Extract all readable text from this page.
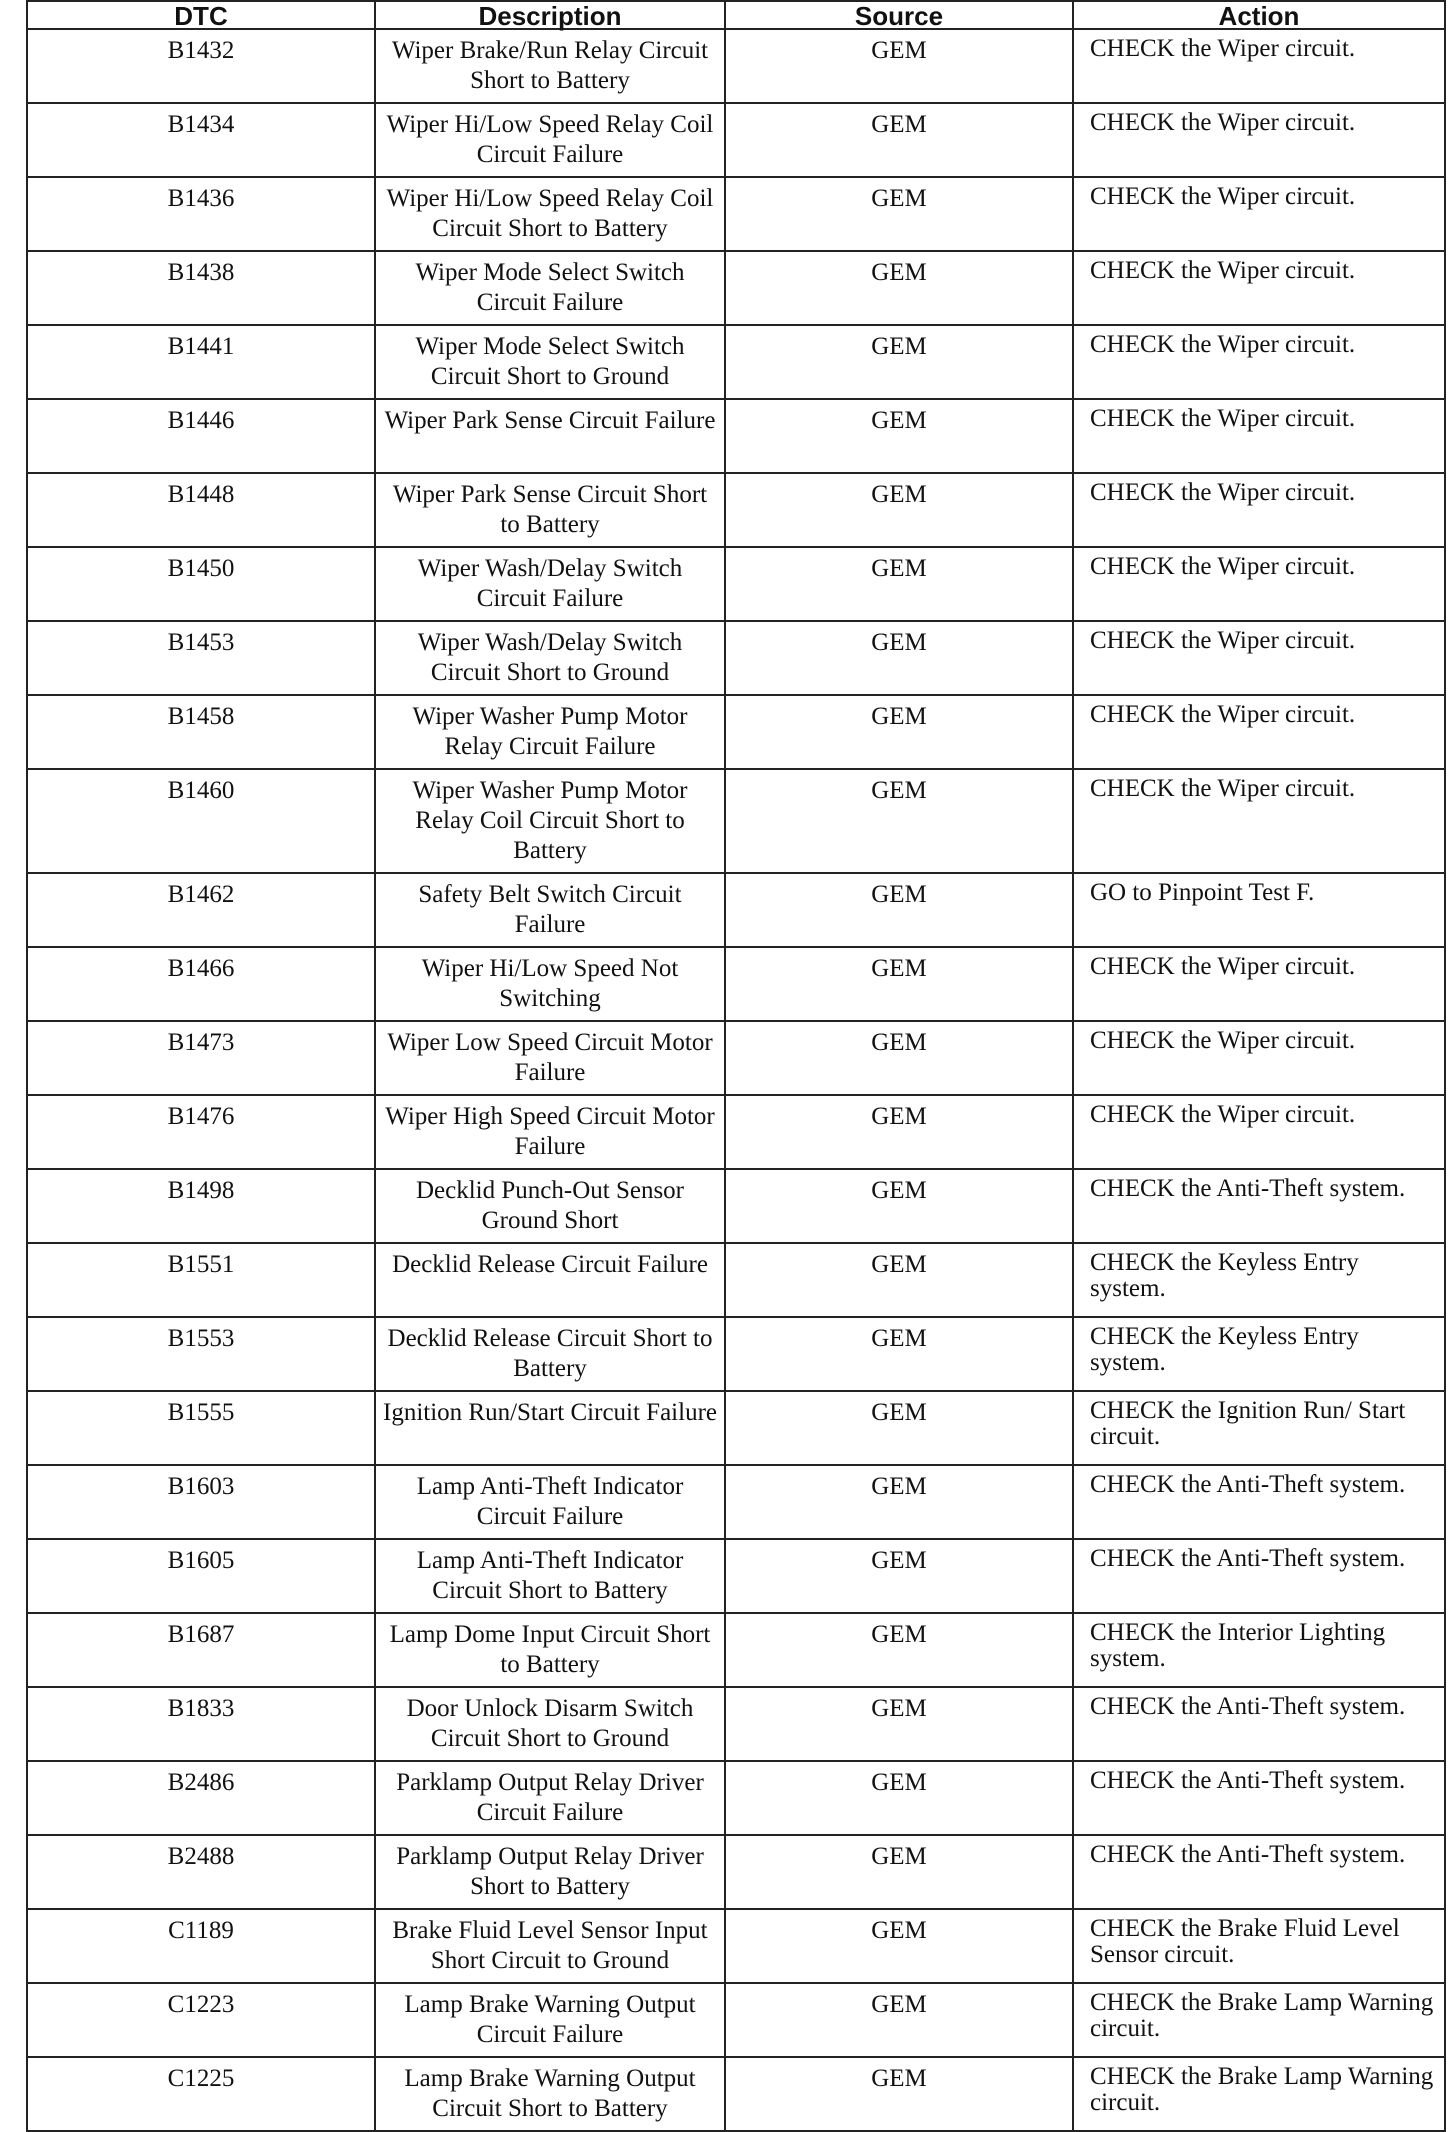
DTC	Description	Source	Action
B1432	Wiper Brake/Run Relay Circuit Short to Battery	GEM	CHECK the Wiper circuit.
B1434	Wiper Hi/Low Speed Relay Coil Circuit Failure	GEM	CHECK the Wiper circuit.
B1436	Wiper Hi/Low Speed Relay Coil Circuit Short to Battery	GEM	CHECK the Wiper circuit.
B1438	Wiper Mode Select Switch Circuit Failure	GEM	CHECK the Wiper circuit.
B1441	Wiper Mode Select Switch Circuit Short to Ground	GEM	CHECK the Wiper circuit.
B1446	Wiper Park Sense Circuit Failure	GEM	CHECK the Wiper circuit.
B1448	Wiper Park Sense Circuit Short to Battery	GEM	CHECK the Wiper circuit.
B1450	Wiper Wash/Delay Switch Circuit Failure	GEM	CHECK the Wiper circuit.
B1453	Wiper Wash/Delay Switch Circuit Short to Ground	GEM	CHECK the Wiper circuit.
B1458	Wiper Washer Pump Motor Relay Circuit Failure	GEM	CHECK the Wiper circuit.
B1460	Wiper Washer Pump Motor Relay Coil Circuit Short to Battery	GEM	CHECK the Wiper circuit.
B1462	Safety Belt Switch Circuit Failure	GEM	GO to Pinpoint Test F.
B1466	Wiper Hi/Low Speed Not Switching	GEM	CHECK the Wiper circuit.
B1473	Wiper Low Speed Circuit Motor Failure	GEM	CHECK the Wiper circuit.
B1476	Wiper High Speed Circuit Motor Failure	GEM	CHECK the Wiper circuit.
B1498	Decklid Punch-Out Sensor Ground Short	GEM	CHECK the Anti-Theft system.
B1551	Decklid Release Circuit Failure	GEM	CHECK the Keyless Entry system.
B1553	Decklid Release Circuit Short to Battery	GEM	CHECK the Keyless Entry system.
B1555	Ignition Run/Start Circuit Failure	GEM	CHECK the Ignition Run/ Start circuit.
B1603	Lamp Anti-Theft Indicator Circuit Failure	GEM	CHECK the Anti-Theft system.
B1605	Lamp Anti-Theft Indicator Circuit Short to Battery	GEM	CHECK the Anti-Theft system.
B1687	Lamp Dome Input Circuit Short to Battery	GEM	CHECK the Interior Lighting system.
B1833	Door Unlock Disarm Switch Circuit Short to Ground	GEM	CHECK the Anti-Theft system.
B2486	Parklamp Output Relay Driver Circuit Failure	GEM	CHECK the Anti-Theft system.
B2488	Parklamp Output Relay Driver Short to Battery	GEM	CHECK the Anti-Theft system.
C1189	Brake Fluid Level Sensor Input Short Circuit to Ground	GEM	CHECK the Brake Fluid Level Sensor circuit.
C1223	Lamp Brake Warning Output Circuit Failure	GEM	CHECK the Brake Lamp Warning circuit.
C1225	Lamp Brake Warning Output Circuit Short to Battery	GEM	CHECK the Brake Lamp Warning circuit.
